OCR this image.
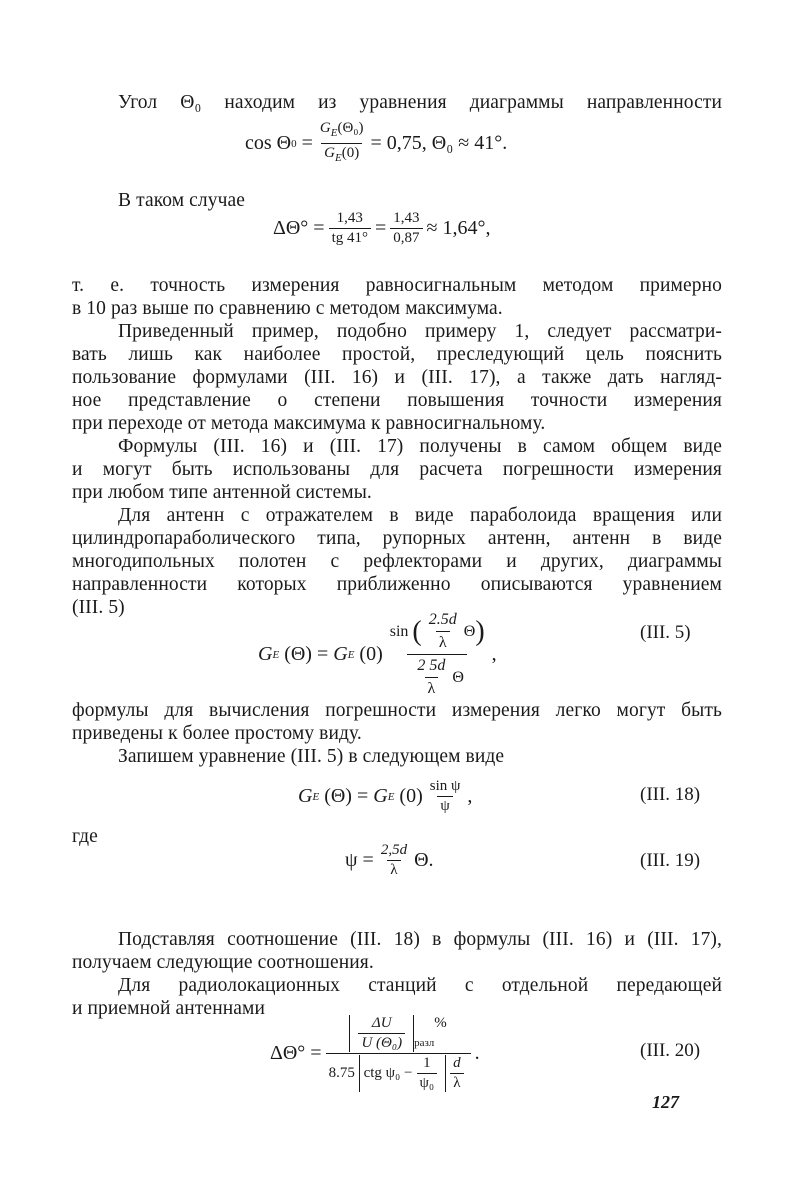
Угол Θ₀ находим из уравнения диаграммы направленности
cos Θ $0 = \frac{G_E(\Theta_0)}{G_E(0)} = 0,75$, Θ₀ ≈ 41°.
В таком случае
$\Delta\Theta^\circ = \frac{1,43}{tg 41^\circ} = \frac{1,43}{0,87} \approx 1,64^\circ$,
т. е. точность измерения равносигнальным методом примерно
в 10 раз выше по сравнению с методом максимума.
Приведенный пример, подобно примеру 1, следует рассматри-
вать лишь как наиболее простой, преследующий цель пояснить
пользование формулами (III. 16) и (III. 17), а также дать нагляд-
ное представление о степени повышения точности измерения
при переходе от метода максимума к равносигнальному.
Формулы (III. 16) и (III. 17) получены в самом общем виде
и могут быть использованы для расчета погрешности измерения
при любом типе антенной системы.
Для антенн с отражателем в виде параболоида вращения или
цилиндропараболического типа, рупорных антенн, антенн в виде
многодипольных полотен с рефлекторами и других, диаграммы
направленности которых приближенно описываются уравнением
(III. 5)
G E
(Θ) = G E
(0) sin
( $\frac{2.5d}{\lambda}$ Θ )
$\frac{2 5d}{\lambda}$ Θ ,
(III. 5)
формулы для вычисления погрешности измерения легко могут быть
приведены к более простому виду.
Запишем уравнение (III. 5) в следующем виде
G E
(Θ) = G E
$(0) \frac{\text{sin ψ}}{\psi}$ ,	(III. 18)
где
$\psi = \frac{2,5d}{\lambda} \Theta$.	(III. 19)
Подставляя соотношение (III. 18) в формулы (III. 16) и (III. 17),
получаем следующие соотношения.
Для радиолокационных станций с отдельной передающей
и приемной антеннами
ΔΘ° =
$\frac{\Delta U}{\text{U (Θ₀)}} _{разл}$
%
8.75
ctg $\psi_0 - \frac{1}{\text{ψ₀}} \frac{d}{\lambda}$
.	(III. 20)
127
